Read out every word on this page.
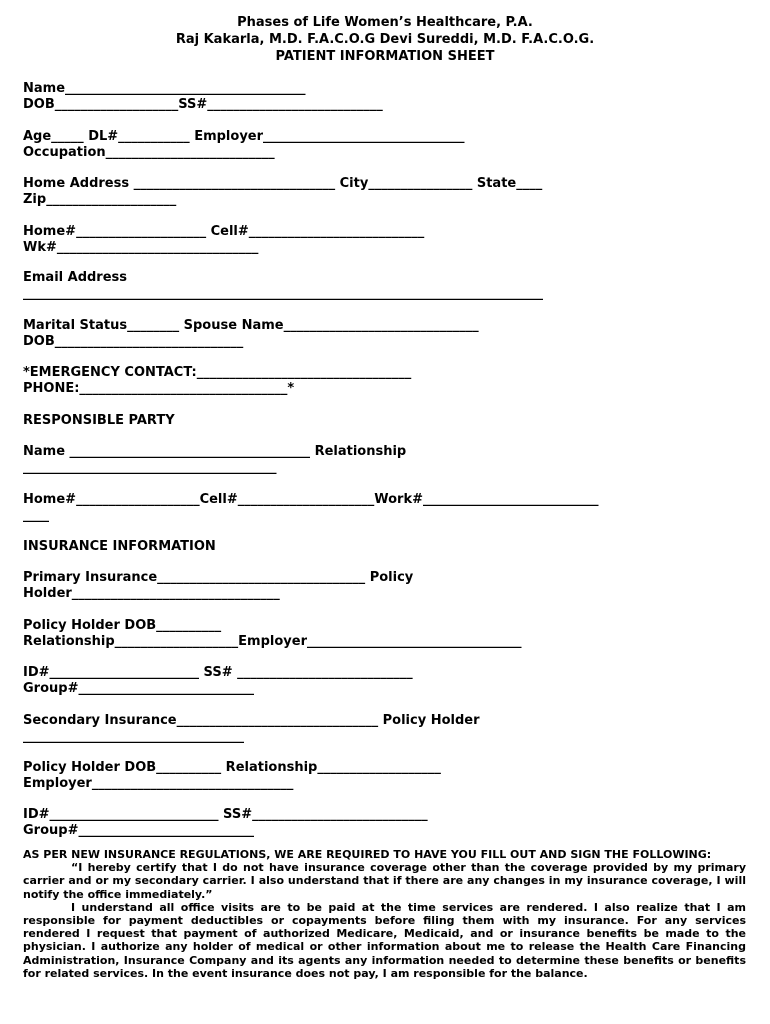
Phases of Life Women’s Healthcare, P.A.
Raj Kakarla, M.D. F.A.C.O.G Devi Sureddi, M.D. F.A.C.O.G.
PATIENT INFORMATION SHEET
Name_____________________________________
DOB___________________SS#___________________________
Age_____ DL#___________ Employer_______________________________
Occupation__________________________
Home Address _______________________________ City________________ State____
Zip____________________
Home#____________________ Cell#___________________________
Wk#_______________________________
Email Address
________________________________________________________________________________
Marital Status________ Spouse Name______________________________
DOB_____________________________
*EMERGENCY CONTACT:_________________________________
PHONE:________________________________*
RESPONSIBLE PARTY
Name _____________________________________ Relationship
_______________________________________
Home#___________________Cell#_____________________Work#___________________________
____
INSURANCE INFORMATION
Primary Insurance________________________________ Policy
Holder________________________________
Policy Holder DOB__________
Relationship___________________Employer_________________________________
ID#_______________________ SS# ___________________________
Group#___________________________
Secondary Insurance_______________________________ Policy Holder
__________________________________
Policy Holder DOB__________ Relationship___________________
Employer_______________________________
ID#__________________________ SS#___________________________
Group#___________________________

AS PER NEW INSURANCE REGULATIONS, WE ARE REQUIRED TO HAVE YOU FILL OUT AND SIGN THE FOLLOWING:

“I hereby certify that I do not have insurance coverage other than the coverage provided by my primary carrier and or my secondary carrier. I also understand that if there are any changes in my insurance coverage, I will notify the office immediately.”

I understand all office visits are to be paid at the time services are rendered. I also realize that I am responsible for payment deductibles or copayments before filing them with my insurance. For any services rendered I request that payment of authorized Medicare, Medicaid, and or insurance benefits be made to the physician. I authorize any holder of medical or other information about me to release the Health Care Financing Administration, Insurance Company and its agents any information needed to determine these benefits or benefits for related services. In the event insurance does not pay, I am responsible for the balance.
